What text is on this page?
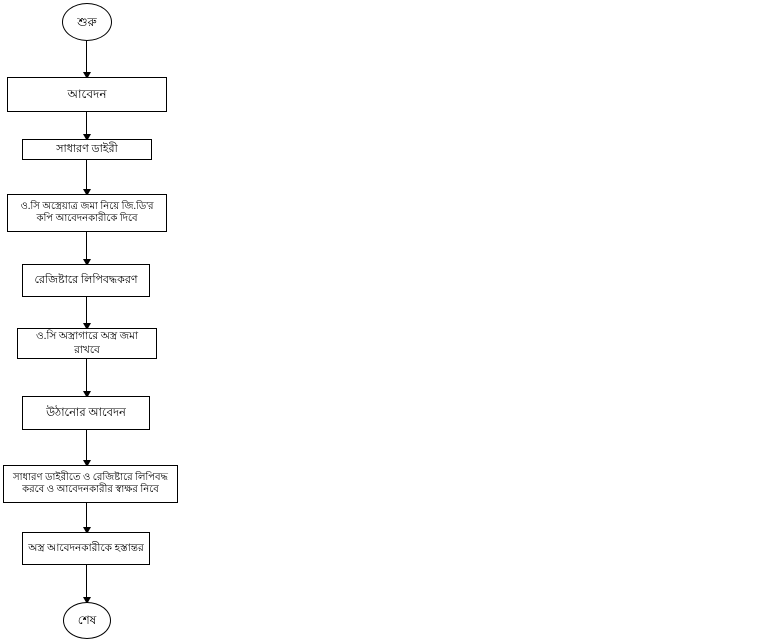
শুরু
আবেদন
সাধারণ ডাইরী
ও.সি অস্ত্রেয়াত্র জমা নিয়ে জি.ডি'র কপি আবেদনকারীকে দিবে
রেজিষ্টারে লিপিবদ্ধকরণ
ও.সি অস্ত্রাগারে অস্ত্র জমা রাখবে
উঠানোর আবেদন
সাধারণ ডাইরীতে ও রেজিষ্টারে লিপিবদ্ধ করবে ও আবেদনকারীর স্বাক্ষর নিবে
অস্ত্র আবেদনকারীকে হস্তান্তর
শেষ
